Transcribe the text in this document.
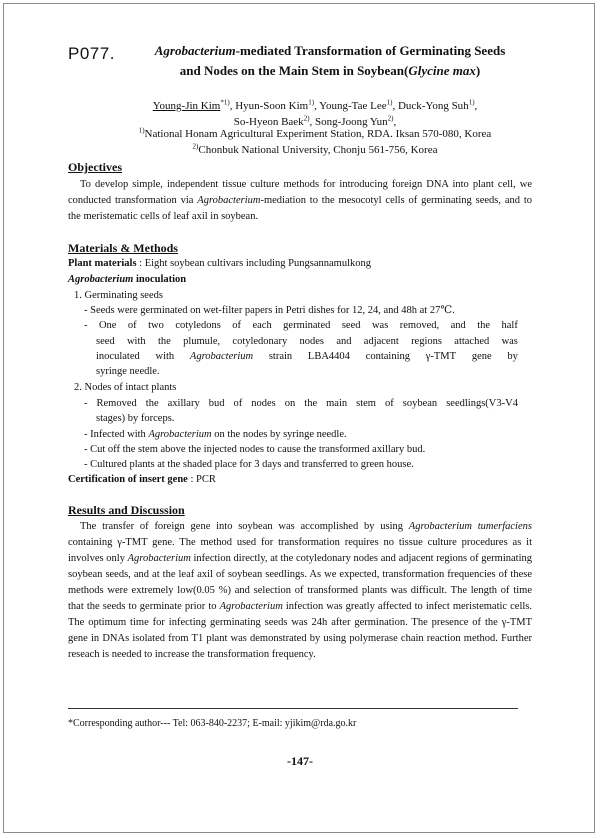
P077.	Agrobacterium-mediated Transformation of Germinating Seeds
and Nodes on the Main Stem in Soybean(Glycine max)
Young-Jin Kim$^{*1)}$, Hyun-Soon Kim$^{1)}$, Young-Tae Lee$^{1)}$, Duck-Yong Suh$^{1)}$,
So-Hyeon Baek$^{2)}$, Song-Joong Yun$^{2)}$,
$^{1)}$National Honam Agricultural Experiment Station, RDA. Iksan 570-080, Korea
$^{2)}$Chonbuk National University, Chonju 561-756, Korea
Objectives
To develop simple, independent tissue culture methods for introducing foreign DNA into plant cell, we conducted transformation via Agrobacterium-mediation to the mesocotyl cells of germinating seeds, and to the meristematic cells of leaf axil in soybean.
Materials & Methods
Plant materials : Eight soybean cultivars including Pungsannamulkong
Agrobacterium inoculation
1. Germinating seeds
- Seeds were germinated on wet-filter papers in Petri dishes for 12, 24, and 48h at 27℃.
- One of two cotyledons of each germinated seed was removed, and the half
seed with the plumule, cotyledonary nodes and adjacent regions attached was
inoculated with Agrobacterium strain LBA4404 containing γ-TMT gene by
syringe needle.
2. Nodes of intact plants
- Removed the axillary bud of nodes on the main stem of soybean seedlings(V3-V4
stages) by forceps.
- Infected with Agrobacterium on the nodes by syringe needle.
- Cut off the stem above the injected nodes to cause the transformed axillary bud.
- Cultured plants at the shaded place for 3 days and transferred to green house.
Certification of insert gene : PCR
Results and Discussion
The transfer of foreign gene into soybean was accomplished by using Agrobacterium tumerfaciens containing γ-TMT gene. The method used for transformation requires no tissue culture procedures as it involves only Agrobacterium infection directly, at the cotyledonary nodes and adjacent regions of germinating soybean seeds, and at the leaf axil of soybean seedlings. As we expected, transformation frequencies of these methods were extremely low(0.05 %) and selection of transformed plants was difficult. The length of time that the seeds to germinate prior to Agrobacterium infection was greatly affected to infect meristematic cells. The optimum time for infecting germinating seeds was 24h after germination. The presence of the γ-TMT gene in DNAs isolated from T1 plant was demonstrated by using polymerase chain reaction method. Further reseach is needed to increase the transformation frequency.
*Corresponding author--- Tel: 063-840-2237; E-mail: yjikim@rda.go.kr
-147-
